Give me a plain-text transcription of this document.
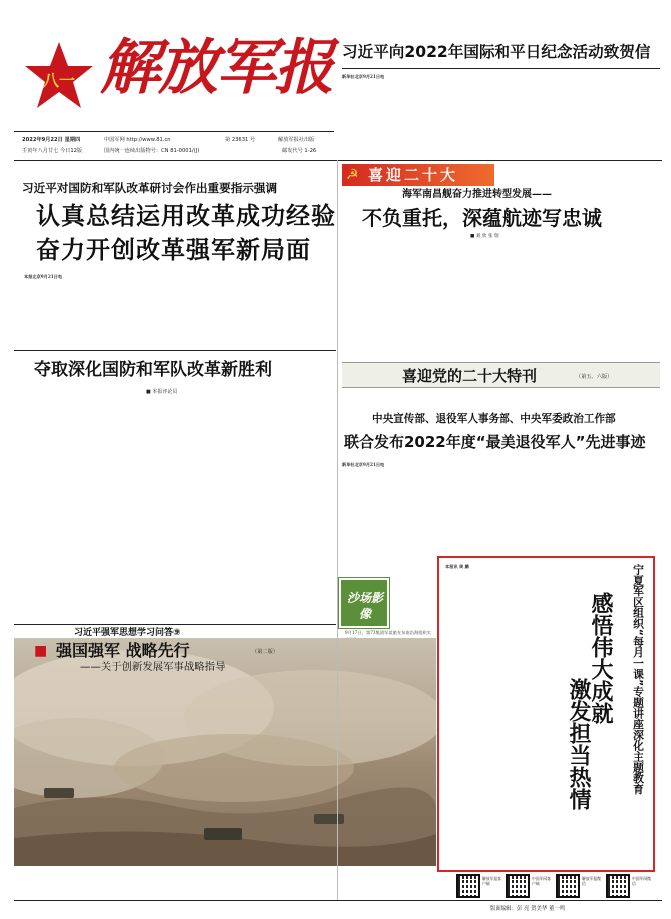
八一 解放军报
2022年9月22日 星期四
壬寅年八月廿七 今日12版
中国军网 http://www.81.cn	第 23631 号	解放军报社出版
国内统一连续出版物号：CN 81-0001/(J)	邮发代号 1-26
习近平向2022年国际和平日纪念活动致贺信
新华社北京9月21日电
☭ 喜迎二十大
习近平对国防和军队改革研讨会作出重要指示强调
认真总结运用改革成功经验
奋力开创改革强军新局面
本报北京9月21日电
海军南昌舰奋力推进转型发展——
不负重托，深蕴航迹写忠诚
■ 刘 欣 张 瑞
夺取深化国防和军队改革新胜利
■ 本报评论员
喜迎党的二十大特刊	（第五、六版）
中央宣传部、退役军人事务部、中央军委政治工作部
联合发布2022年度“最美退役军人”先进事迹
新华社北京9月21日电
沙场影像
9月17日，第73集团军某旅在东南沿海组织实
习近平强军思想学习问答⑨
■ 强国强军 战略先行	（第二版）
——关于创新发展军事战略指导
本报讯 周 鹏
感悟伟大成就
激发担当热情	宁夏军区组织“每月一课”专题讲座深化主题教育
解放军报客户端
中国军网客户端
解放军报微信
中国军网微信
版面编辑：彭 亮 贺美华 董一鸣
